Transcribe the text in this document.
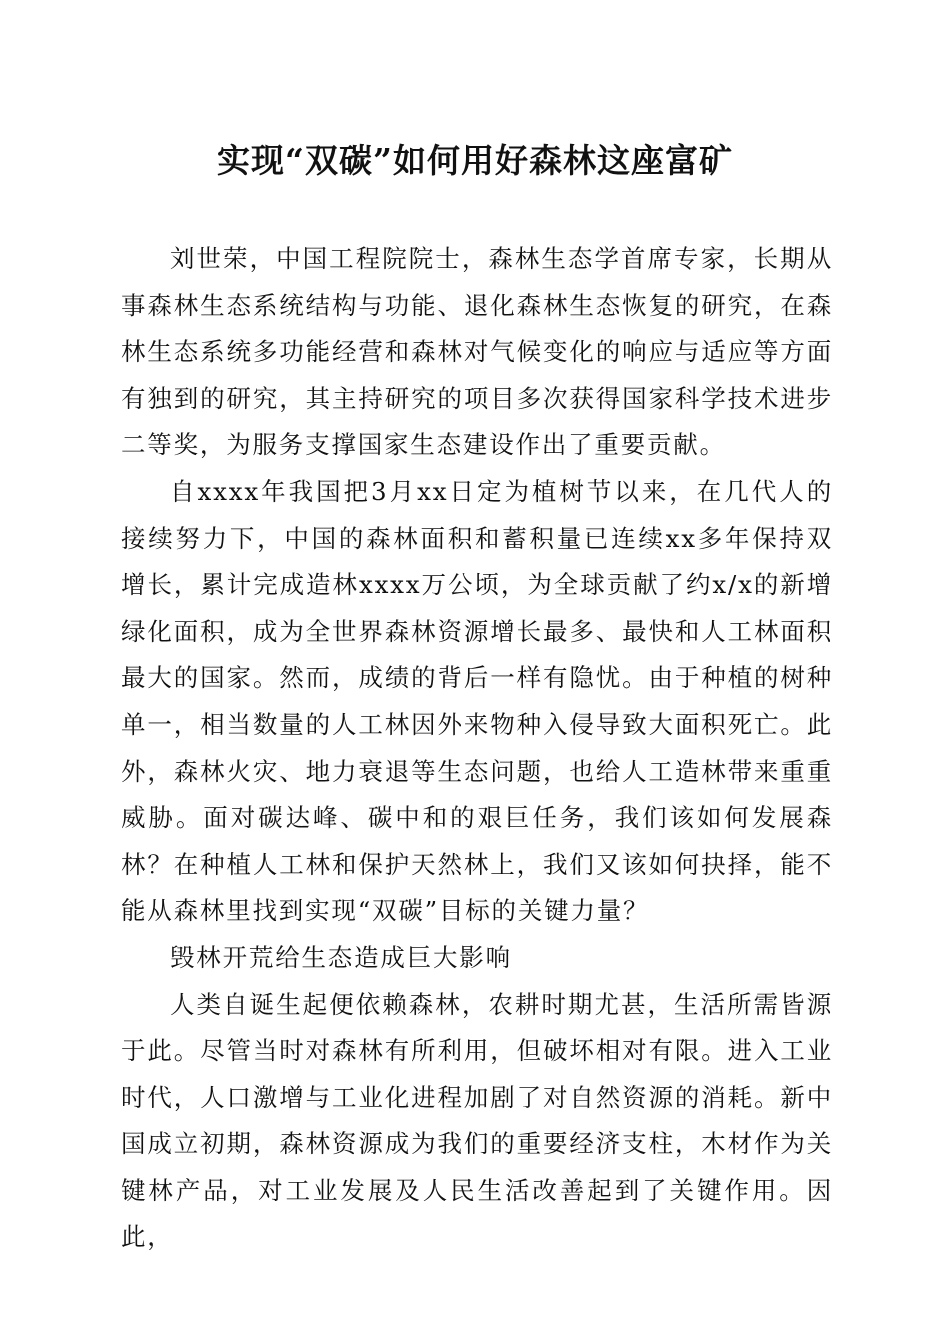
实现“双碳”如何用好森林这座富矿

刘世荣，中国工程院院士，森林生态学首席专家，长期从事森林生态系统结构与功能、退化森林生态恢复的研究，在森林生态系统多功能经营和森林对气候变化的响应与适应等方面有独到的研究，其主持研究的项目多次获得国家科学技术进步二等奖，为服务支撑国家生态建设作出了重要贡献。

自xxxx年我国把3月xx日定为植树节以来，在几代人的接续努力下，中国的森林面积和蓄积量已连续xx多年保持双增长，累计完成造林xxxx万公顷，为全球贡献了约x/x的新增绿化面积，成为全世界森林资源增长最多、最快和人工林面积最大的国家。然而，成绩的背后一样有隐忧。由于种植的树种单一，相当数量的人工林因外来物种入侵导致大面积死亡。此外，森林火灾、地力衰退等生态问题，也给人工造林带来重重威胁。面对碳达峰、碳中和的艰巨任务，我们该如何发展森林？在种植人工林和保护天然林上，我们又该如何抉择，能不能从森林里找到实现“双碳”目标的关键力量？

毁林开荒给生态造成巨大影响

人类自诞生起便依赖森林，农耕时期尤甚，生活所需皆源于此。尽管当时对森林有所利用，但破坏相对有限。进入工业时代，人口激增与工业化进程加剧了对自然资源的消耗。新中国成立初期，森林资源成为我们的重要经济支柱，木材作为关键林产品，对工业发展及人民生活改善起到了关键作用。因此，
